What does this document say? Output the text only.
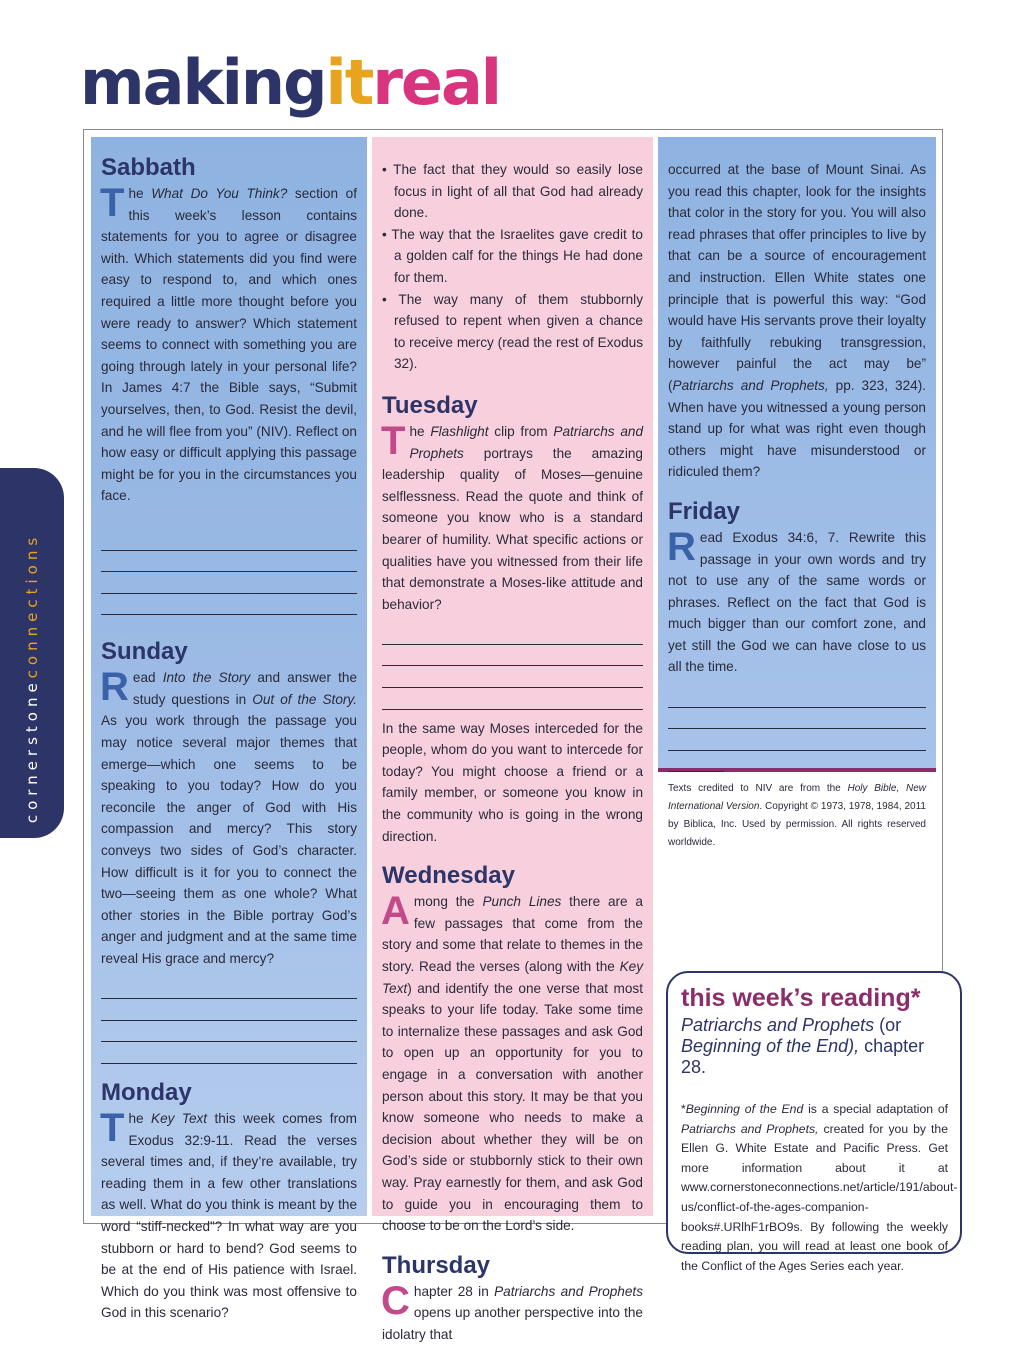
makingitreal
cornerstone
connections
36
Sabbath

The What Do You Think? section of this week’s lesson contains statements for you to agree or disagree with. Which statements did you find were easy to respond to, and which ones required a little more thought before you were ready to answer? Which statement seems to connect with something you are going through lately in your personal life? In James 4:7 the Bible says, “Submit yourselves, then, to God. Resist the devil, and he will flee from you” (NIV). Reflect on how easy or difficult applying this passage might be for you in the circumstances you face.

Sunday

Read Into the Story and answer the study questions in Out of the Story. As you work through the passage you may notice several major themes that emerge—which one seems to be speaking to you today? How do you reconcile the anger of God with His compassion and mercy? This story conveys two sides of God’s character. How difficult is it for you to connect the two—seeing them as one whole? What other stories in the Bible portray God’s anger and judgment and at the same time reveal His grace and mercy?

Monday

The Key Text this week comes from Exodus 32:9-11. Read the verses several times and, if they’re available, try reading them in a few other translations as well. What do you think is meant by the word “stiff-necked”? In what way are you stubborn or hard to bend? God seems to be at the end of His patience with Israel. Which do you think was most offensive to God in this scenario?

• The fact that they would so easily lose focus in light of all that God had already done.

• The way that the Israelites gave credit to a golden calf for the things He had done for them.

• The way many of them stubbornly refused to repent when given a chance to receive mercy (read the rest of Exodus 32).

Tuesday

The Flashlight clip from Patriarchs and Prophets portrays the amazing leadership quality of Moses—genuine selflessness. Read the quote and think of someone you know who is a standard bearer of humility. What specific actions or qualities have you witnessed from their life that demonstrate a Moses-like attitude and behavior?

In the same way Moses interceded for the people, whom do you want to intercede for today? You might choose a friend or a family member, or someone you know in the community who is going in the wrong direction.

Wednesday

Among the Punch Lines there are a few passages that come from the story and some that relate to themes in the story. Read the verses (along with the Key Text) and identify the one verse that most speaks to your life today. Take some time to internalize these passages and ask God to open up an opportunity for you to engage in a conversation with another person about this story. It may be that you know someone who needs to make a decision about whether they will be on God’s side or stubbornly stick to their own way. Pray earnestly for them, and ask God to guide you in encouraging them to choose to be on the Lord’s side.

Thursday

Chapter 28 in Patriarchs and Prophets opens up another perspective into the idolatry that

occurred at the base of Mount Sinai. As you read this chapter, look for the insights that color in the story for you. You will also read phrases that offer principles to live by that can be a source of encouragement and instruction. Ellen White states one principle that is powerful this way: “God would have His servants prove their loyalty by faithfully rebuking transgression, however painful the act may be” (Patriarchs and Prophets, pp. 323, 324). When have you witnessed a young person stand up for what was right even though others might have misunderstood or ridiculed them?

Friday

Read Exodus 34:6, 7. Rewrite this passage in your own words and try not to use any of the same words or phrases. Reflect on the fact that God is much bigger than our comfort zone, and yet still the God we can have close to us all the time.

Texts credited to NIV are from the Holy Bible, New International Version. Copyright © 1973, 1978, 1984, 2011 by Biblica, Inc. Used by permission. All rights reserved worldwide.

this week’s reading*
Patriarchs and Prophets (or Beginning of the End), chapter 28.

*Beginning of the End is a special adaptation of Patriarchs and Prophets, created for you by the Ellen G. White Estate and Pacific Press. Get more information about it at www.cornerstoneconnections.net/article/191/about-us/conflict-of-the-ages-companion-books#.URlhF1rBO9s. By following the weekly reading plan, you will read at least one book of the Conflict of the Ages Series each year.
